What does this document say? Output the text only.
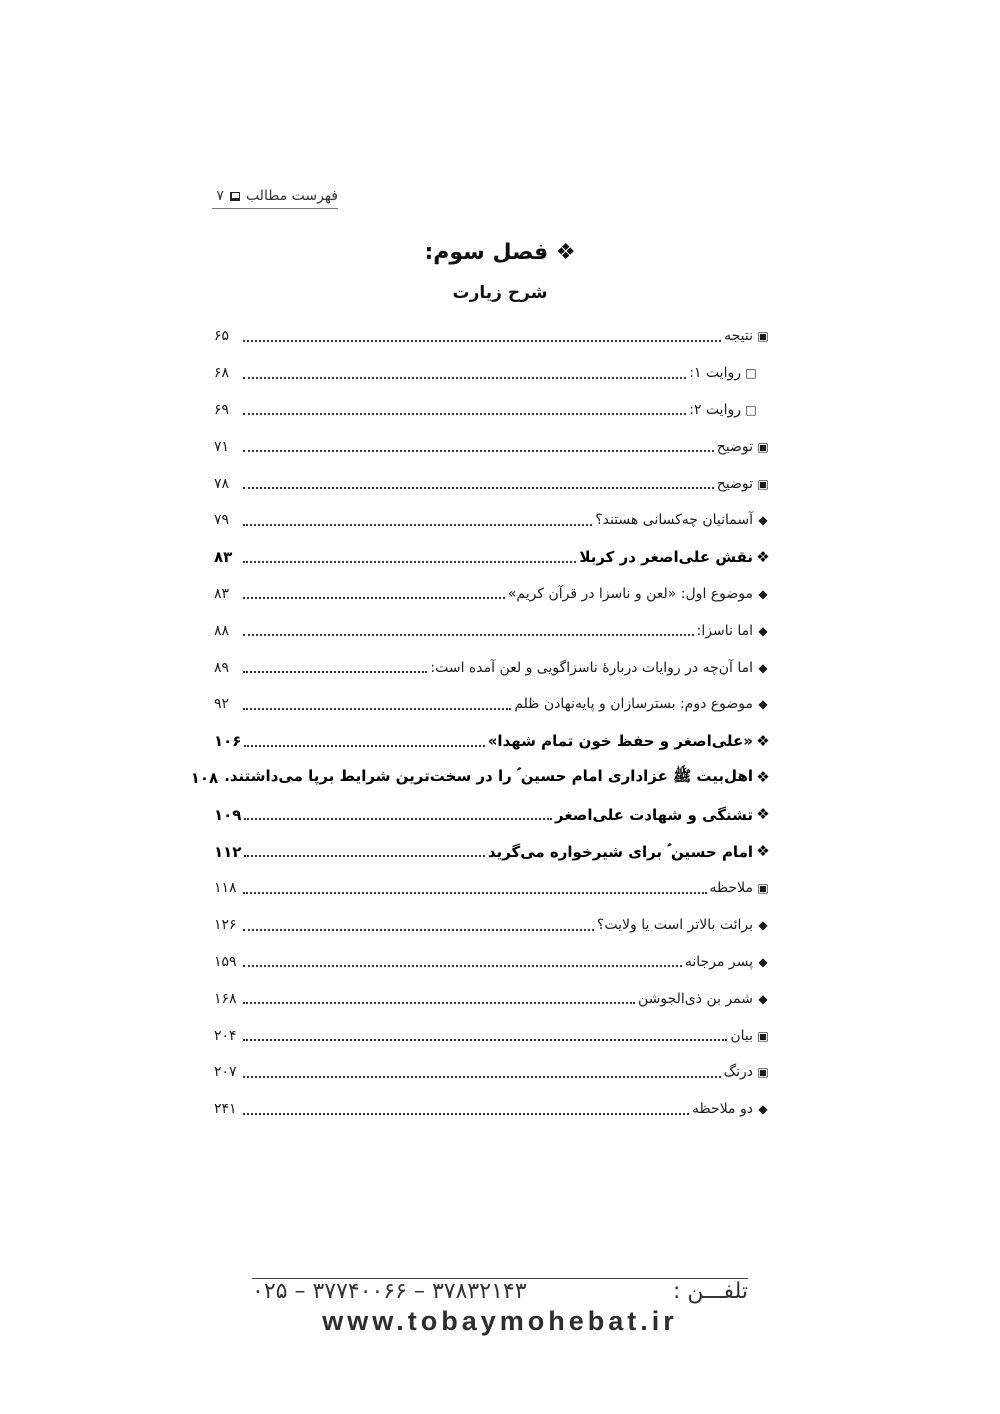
فهرست مطالب
۷
❖ فصل سوم:
شرح زیارت
▣
نتیجه
۶۵
□
روایت ۱:
۶۸
□
روایت ۲:
۶۹
▣
توضیح
۷۱
▣
توضیح
۷۸
◆
آسمانیان چه‌کسانی هستند؟
۷۹
❖
نقش علی‌اصغر در کربلا
۸۳
◆
موضوع اول: «لعن و ناسزا در قرآن کریم»
۸۳
◆
اما ناسزا:
۸۸
◆
اما آن‌چه در روایات دربارهٔ ناسزاگویی و لعن آمده است:
۸۹
◆
موضوع دوم: بسترسازان و پایه‌نهادن ظلم
۹۲
❖
«علی‌اصغر و حفظ خون تمام شهدا»
۱۰۶
❖
اهل‌بیت ﷺ عزاداری امام حسین ؑ را در سخت‌ترین شرایط برپا می‌داشتند.
۱۰۸
❖
تشنگی و شهادت علی‌اصغر
۱۰۹
❖
امام حسین ؑ برای شیرخواره می‌گرید
۱۱۲
▣
ملاحظه
۱۱۸
◆
برائت بالاتر است یا ولایت؟
۱۲۶
◆
پسر مرجانه
۱۵۹
◆
شمر بن ذی‌الجوشن
۱۶۸
▣
بیان
۲۰۴
▣
درنگ
۲۰۷
◆
دو ملاحظه
۲۴۱
تلفـــن :
۳۷۸۳۲۱۴۳ – ۳۷۷۴۰۰۶۶ – ۰۲۵
www.tobaymohebat.ir
